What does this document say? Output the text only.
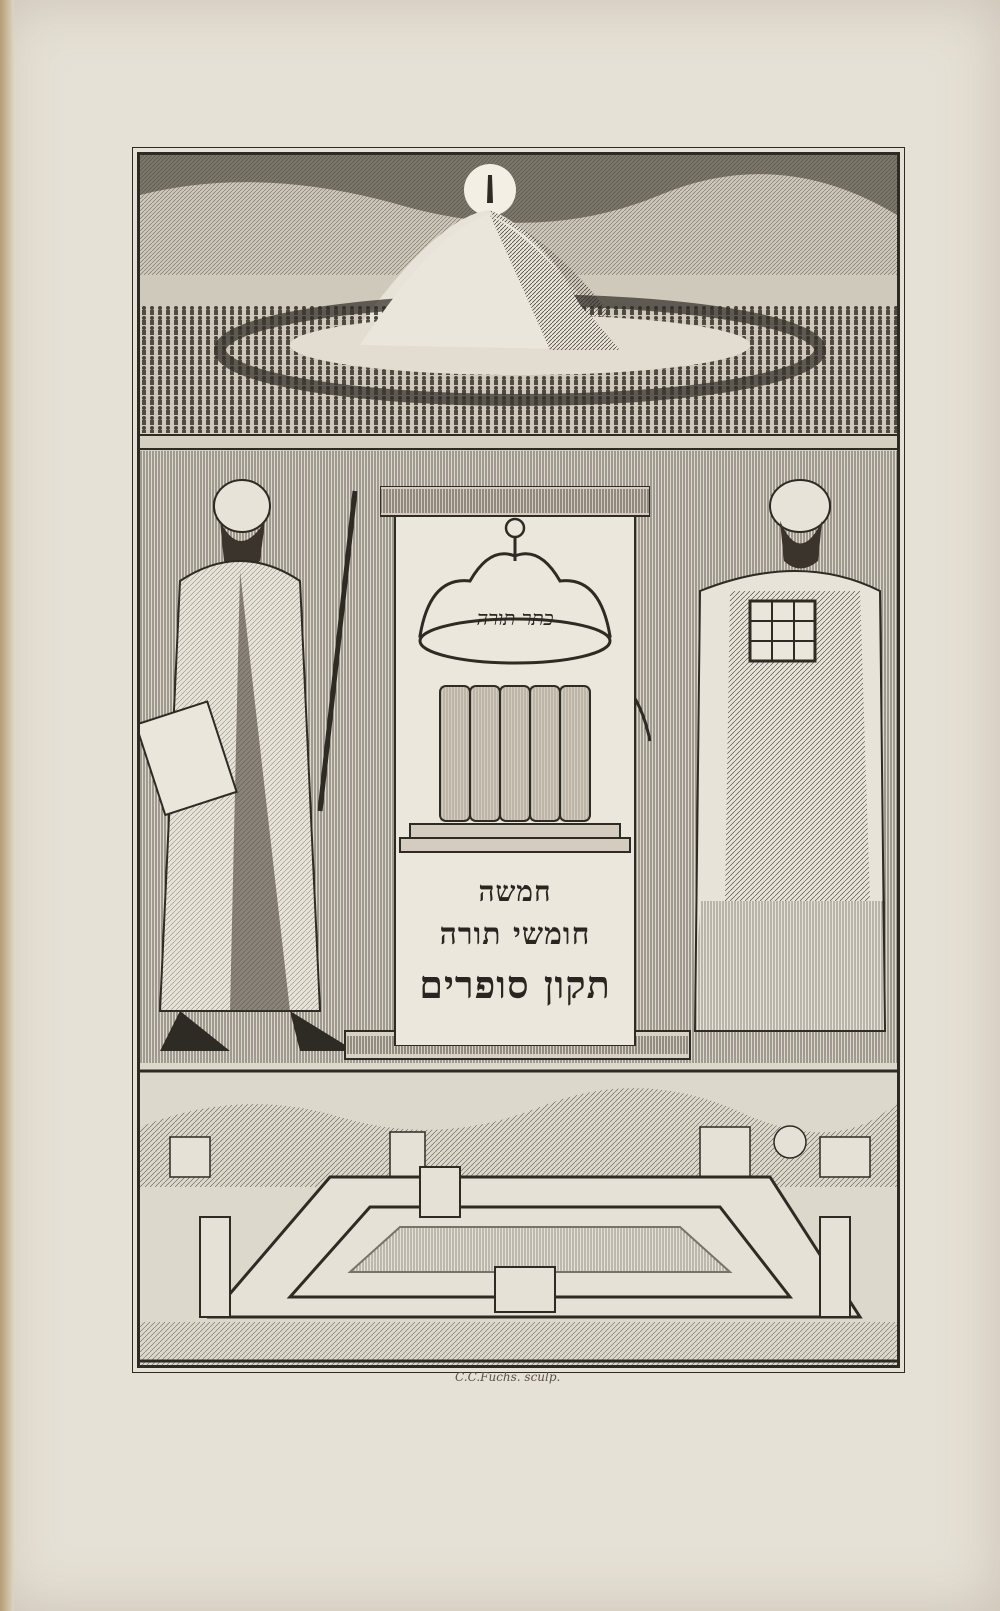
כתר תורה
חמשה
חומשי תורה
תקון סופרים
C.C.Fuchs. sculp.
